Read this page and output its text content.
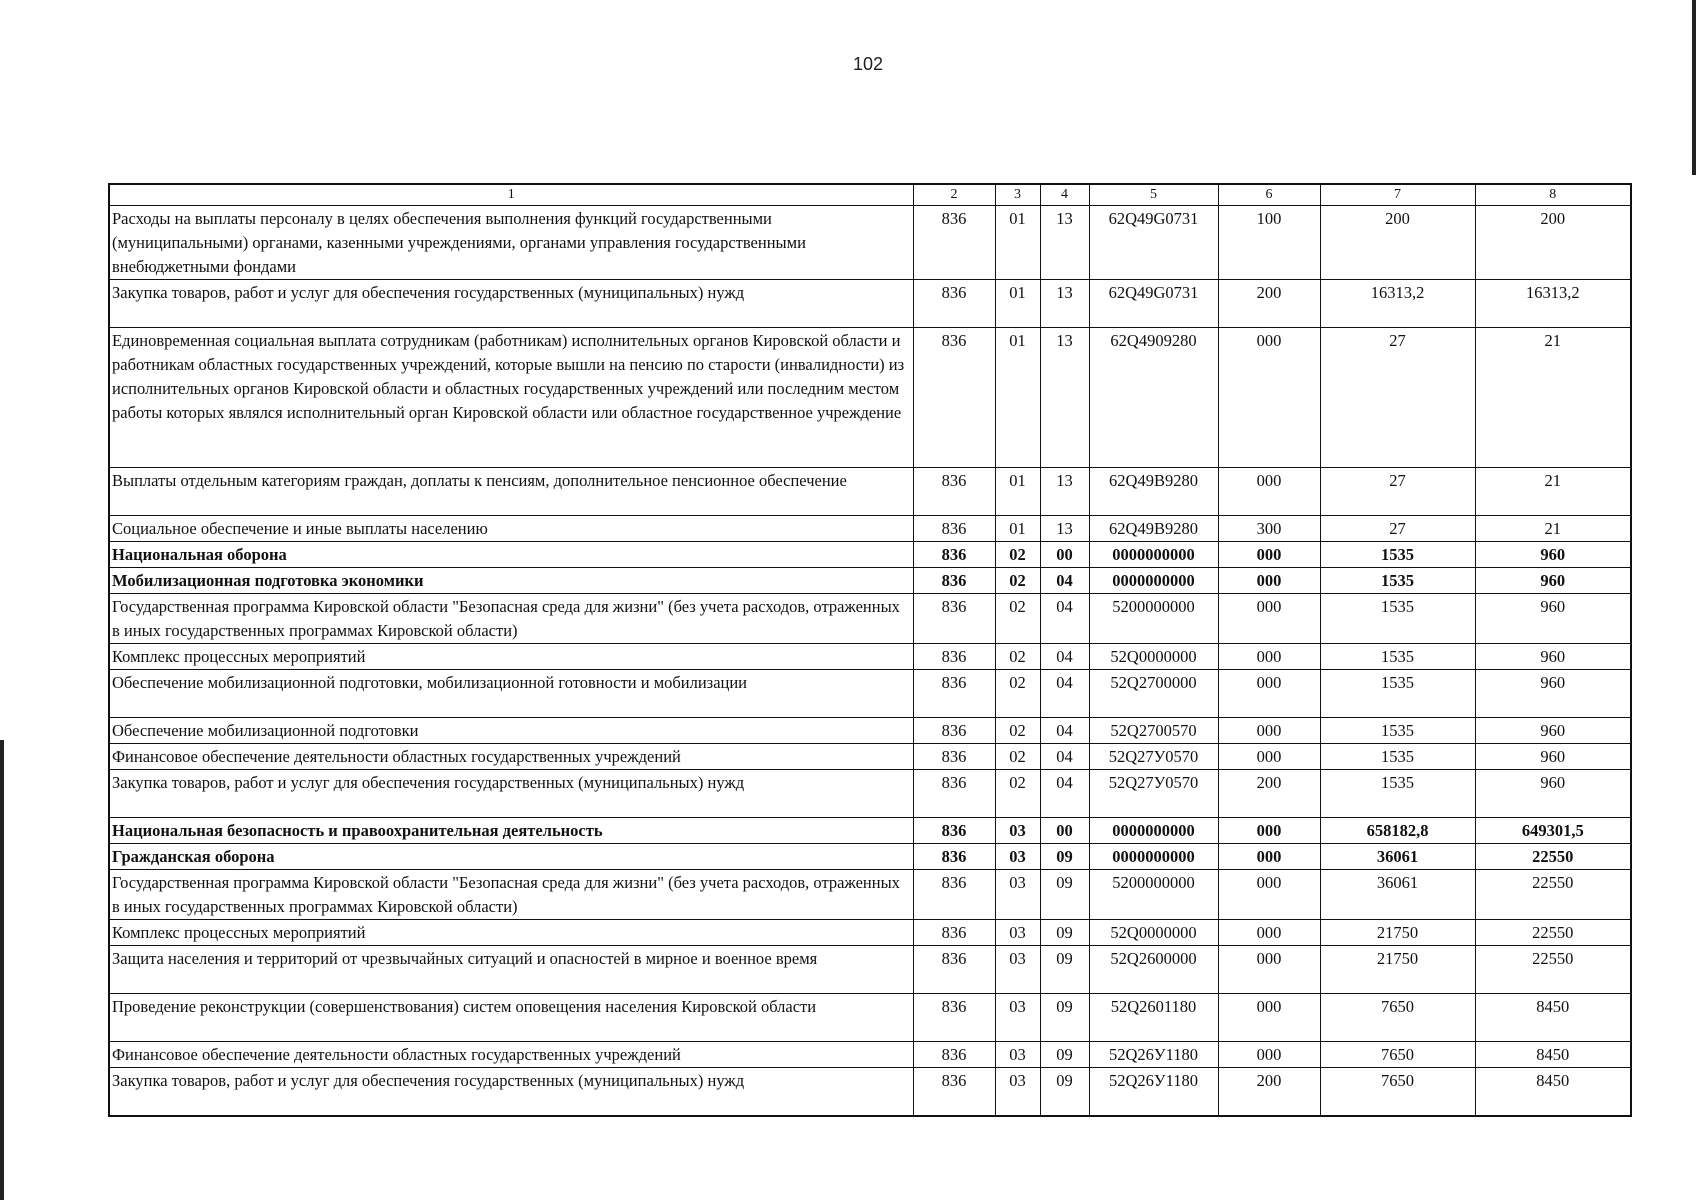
102
1	2	3	4	5	6	7	8
Расходы на выплаты персоналу в целях обеспечения выполнения функций государственными (муниципальными) органами, казенными учреждениями, органами управления государственными внебюджетными фондами	836	01	13	62Q49G0731	100	200	200
Закупка товаров, работ и услуг для обеспечения государственных (муниципальных) нужд	836	01	13	62Q49G0731	200	16313,2	16313,2
Единовременная социальная выплата сотрудникам (работникам) исполнительных органов Кировской области и работникам областных государственных учреждений, которые вышли на пенсию по старости (инвалидности) из исполнительных органов Кировской области и областных государственных учреждений или последним местом работы которых являлся исполнительный орган Кировской области или областное государственное учреждение	836	01	13	62Q4909280	000	27	21
Выплаты отдельным категориям граждан, доплаты к пенсиям, дополнительное пенсионное обеспечение	836	01	13	62Q49B9280	000	27	21
Социальное обеспечение и иные выплаты населению	836	01	13	62Q49B9280	300	27	21
Национальная оборона	836	02	00	0000000000	000	1535	960
Мобилизационная подготовка экономики	836	02	04	0000000000	000	1535	960
Государственная программа Кировской области "Безопасная среда для жизни" (без учета расходов, отраженных в иных государственных программах Кировской области)	836	02	04	5200000000	000	1535	960
Комплекс процессных мероприятий	836	02	04	52Q0000000	000	1535	960
Обеспечение мобилизационной подготовки, мобилизационной готовности и мобилизации	836	02	04	52Q2700000	000	1535	960
Обеспечение мобилизационной подготовки	836	02	04	52Q2700570	000	1535	960
Финансовое обеспечение деятельности областных государственных учреждений	836	02	04	52Q27У0570	000	1535	960
Закупка товаров, работ и услуг для обеспечения государственных (муниципальных) нужд	836	02	04	52Q27У0570	200	1535	960
Национальная безопасность и правоохранительная деятельность	836	03	00	0000000000	000	658182,8	649301,5
Гражданская оборона	836	03	09	0000000000	000	36061	22550
Государственная программа Кировской области "Безопасная среда для жизни" (без учета расходов, отраженных в иных государственных программах Кировской области)	836	03	09	5200000000	000	36061	22550
Комплекс процессных мероприятий	836	03	09	52Q0000000	000	21750	22550
Защита населения и территорий от чрезвычайных ситуаций и опасностей в мирное и военное время	836	03	09	52Q2600000	000	21750	22550
Проведение реконструкции (совершенствования) систем оповещения населения Кировской области	836	03	09	52Q2601180	000	7650	8450
Финансовое обеспечение деятельности областных государственных учреждений	836	03	09	52Q26У1180	000	7650	8450
Закупка товаров, работ и услуг для обеспечения государственных (муниципальных) нужд	836	03	09	52Q26У1180	200	7650	8450
